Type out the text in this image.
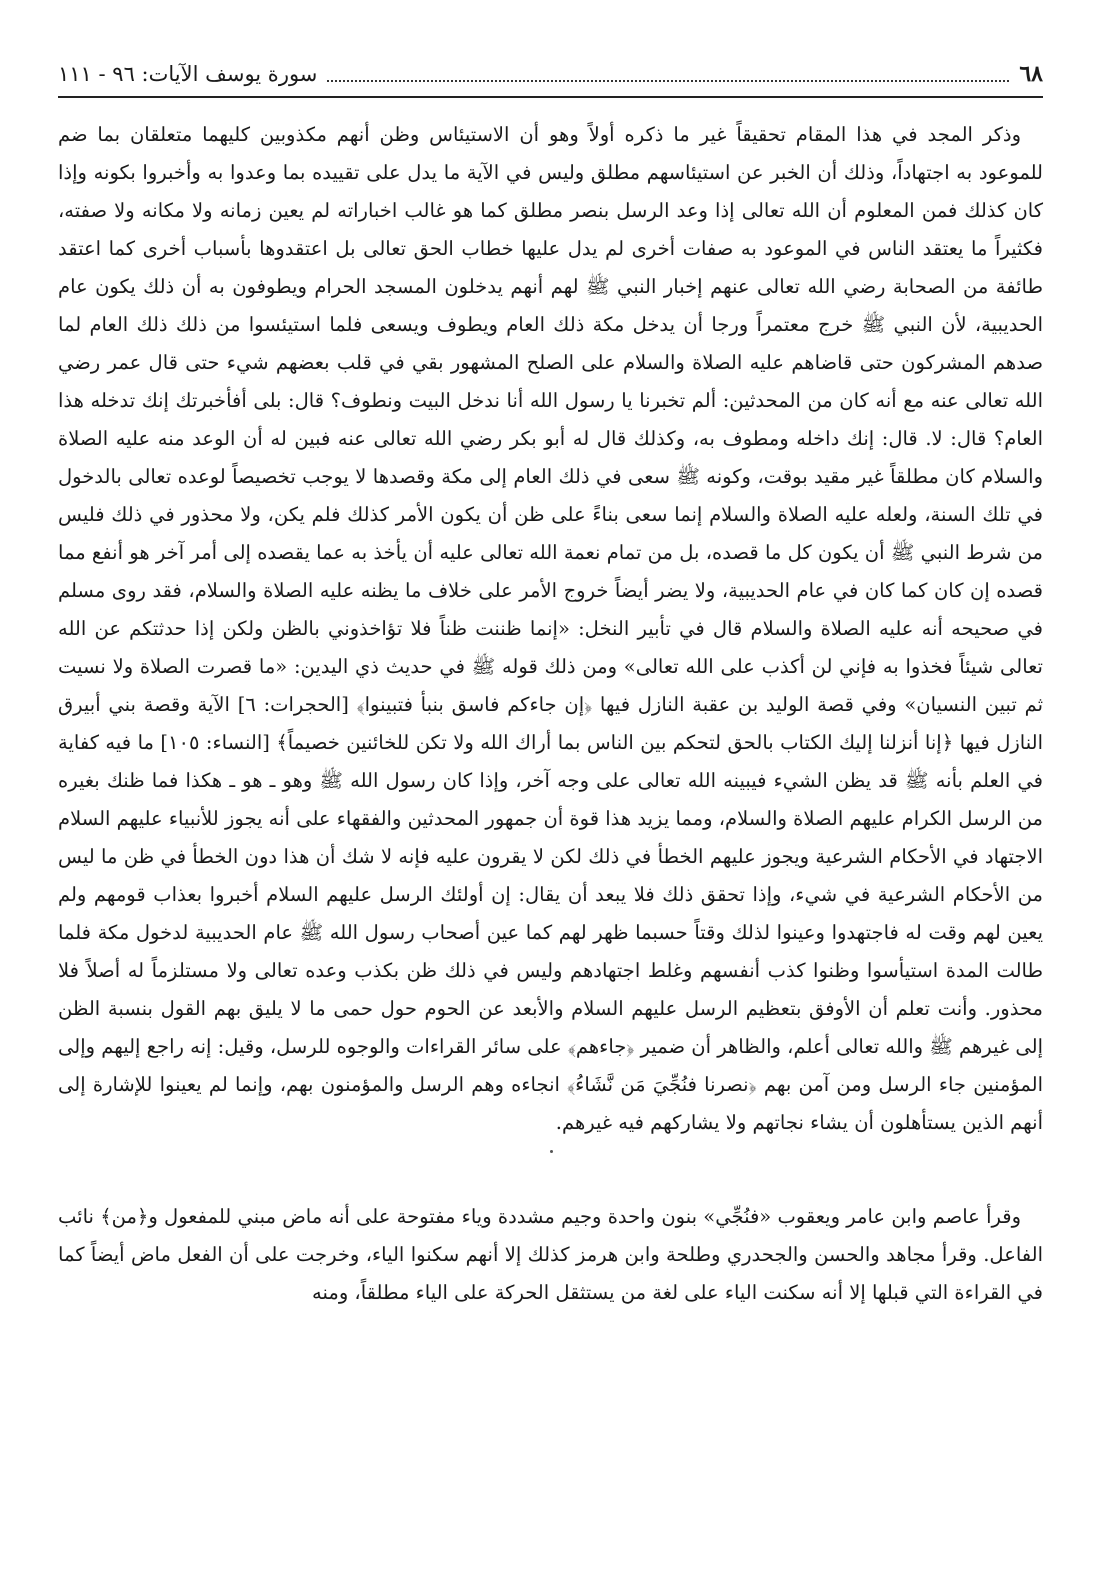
٦٨
سورة يوسف الآيات: ٩٦ - ١١١

وذكر المجد في هذا المقام تحقيقاً غير ما ذكره أولاً وهو أن الاستيئاس وظن أنهم مكذوبين كليهما متعلقان بما ضم للموعود به اجتهاداً، وذلك أن الخبر عن استيئاسهم مطلق وليس في الآية ما يدل على تقييده بما وعدوا به وأخبروا بكونه وإذا كان كذلك فمن المعلوم أن الله تعالى إذا وعد الرسل بنصر مطلق كما هو غالب اخباراته لم يعين زمانه ولا مكانه ولا صفته، فكثيراً ما يعتقد الناس في الموعود به صفات أخرى لم يدل عليها خطاب الحق تعالى بل اعتقدوها بأسباب أخرى كما اعتقد طائفة من الصحابة رضي الله تعالى عنهم إخبار النبي ﷺ لهم أنهم يدخلون المسجد الحرام ويطوفون به أن ذلك يكون عام الحديبية، لأن النبي ﷺ خرج معتمراً ورجا أن يدخل مكة ذلك العام ويطوف ويسعى فلما استيئسوا من ذلك ذلك العام لما صدهم المشركون حتى قاضاهم عليه الصلاة والسلام على الصلح المشهور بقي في قلب بعضهم شيء حتى قال عمر رضي الله تعالى عنه مع أنه كان من المحدثين: ألم تخبرنا يا رسول الله أنا ندخل البيت ونطوف؟ قال: بلى أفأخبرتك إنك تدخله هذا العام؟ قال: لا. قال: إنك داخله ومطوف به، وكذلك قال له أبو بكر رضي الله تعالى عنه فبين له أن الوعد منه عليه الصلاة والسلام كان مطلقاً غير مقيد بوقت، وكونه ﷺ سعى في ذلك العام إلى مكة وقصدها لا يوجب تخصيصاً لوعده تعالى بالدخول في تلك السنة، ولعله عليه الصلاة والسلام إنما سعى بناءً على ظن أن يكون الأمر كذلك فلم يكن، ولا محذور في ذلك فليس من شرط النبي ﷺ أن يكون كل ما قصده، بل من تمام نعمة الله تعالى عليه أن يأخذ به عما يقصده إلى أمر آخر هو أنفع مما قصده إن كان كما كان في عام الحديبية، ولا يضر أيضاً خروج الأمر على خلاف ما يظنه عليه الصلاة والسلام، فقد روى مسلم في صحيحه أنه عليه الصلاة والسلام قال في تأبير النخل: «إنما ظننت ظناً فلا تؤاخذوني بالظن ولكن إذا حدثتكم عن الله تعالى شيئاً فخذوا به فإني لن أكذب على الله تعالى» ومن ذلك قوله ﷺ في حديث ذي اليدين: «ما قصرت الصلاة ولا نسيت ثم تبين النسيان» وفي قصة الوليد بن عقبة النازل فيها ﴿إن جاءكم فاسق بنبأ فتبينوا﴾ [الحجرات: ٦] الآية وقصة بني أبيرق النازل فيها ﴿إنا أنزلنا إليك الكتاب بالحق لتحكم بين الناس بما أراك الله ولا تكن للخائنين خصيماً﴾ [النساء: ١٠٥] ما فيه كفاية في العلم بأنه ﷺ قد يظن الشيء فيبينه الله تعالى على وجه آخر، وإذا كان رسول الله ﷺ وهو ـ هو ـ هكذا فما ظنك بغيره من الرسل الكرام عليهم الصلاة والسلام، ومما يزيد هذا قوة أن جمهور المحدثين والفقهاء على أنه يجوز للأنبياء عليهم السلام الاجتهاد في الأحكام الشرعية ويجوز عليهم الخطأ في ذلك لكن لا يقرون عليه فإنه لا شك أن هذا دون الخطأ في ظن ما ليس من الأحكام الشرعية في شيء، وإذا تحقق ذلك فلا يبعد أن يقال: إن أولئك الرسل عليهم السلام أخبروا بعذاب قومهم ولم يعين لهم وقت له فاجتهدوا وعينوا لذلك وقتاً حسبما ظهر لهم كما عين أصحاب رسول الله ﷺ عام الحديبية لدخول مكة فلما طالت المدة استيأسوا وظنوا كذب أنفسهم وغلط اجتهادهم وليس في ذلك ظن بكذب وعده تعالى ولا مستلزماً له أصلاً فلا محذور. وأنت تعلم أن الأوفق بتعظيم الرسل عليهم السلام والأبعد عن الحوم حول حمى ما لا يليق بهم القول بنسبة الظن إلى غيرهم ﷺ والله تعالى أعلم، والظاهر أن ضمير ﴿جاءهم﴾ على سائر القراءات والوجوه للرسل، وقيل: إنه راجع إليهم وإلى المؤمنين جاء الرسل ومن آمن بهم ﴿نصرنا فنُجِّيَ مَن نَّشَاءُ﴾ انجاءه وهم الرسل والمؤمنون بهم، وإنما لم يعينوا للإشارة إلى أنهم الذين يستأهلون أن يشاء نجاتهم ولا يشاركهم فيه غيرهم.

وقرأ عاصم وابن عامر ويعقوب «فنُجِّي» بنون واحدة وجيم مشددة وياء مفتوحة على أنه ماض مبني للمفعول و﴿من﴾ نائب الفاعل. وقرأ مجاهد والحسن والجحدري وطلحة وابن هرمز كذلك إلا أنهم سكنوا الياء، وخرجت على أن الفعل ماض أيضاً كما في القراءة التي قبلها إلا أنه سكنت الياء على لغة من يستثقل الحركة على الياء مطلقاً، ومنه
